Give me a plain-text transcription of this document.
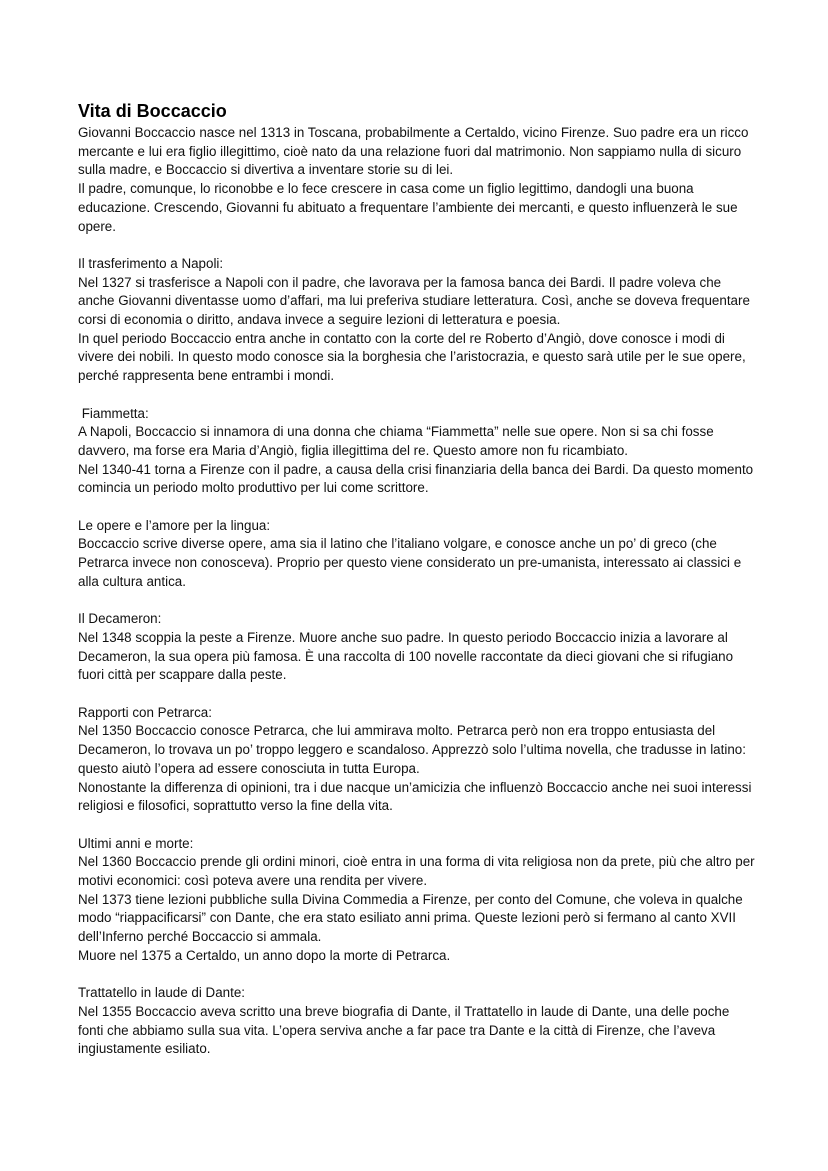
Vita di Boccaccio

Giovanni Boccaccio nasce nel 1313 in Toscana, probabilmente a Certaldo, vicino Firenze. Suo padre era un ricco mercante e lui era figlio illegittimo, cioè nato da una relazione fuori dal matrimonio. Non sappiamo nulla di sicuro sulla madre, e Boccaccio si divertiva a inventare storie su di lei.

Il padre, comunque, lo riconobbe e lo fece crescere in casa come un figlio legittimo, dandogli una buona educazione. Crescendo, Giovanni fu abituato a frequentare l’ambiente dei mercanti, e questo influenzerà le sue opere.

Il trasferimento a Napoli:

Nel 1327 si trasferisce a Napoli con il padre, che lavorava per la famosa banca dei Bardi. Il padre voleva che anche Giovanni diventasse uomo d’affari, ma lui preferiva studiare letteratura. Così, anche se doveva frequentare corsi di economia o diritto, andava invece a seguire lezioni di letteratura e poesia.

In quel periodo Boccaccio entra anche in contatto con la corte del re Roberto d’Angiò, dove conosce i modi di vivere dei nobili. In questo modo conosce sia la borghesia che l’aristocrazia, e questo sarà utile per le sue opere, perché rappresenta bene entrambi i mondi.

Fiammetta:

A Napoli, Boccaccio si innamora di una donna che chiama “Fiammetta” nelle sue opere. Non si sa chi fosse davvero, ma forse era Maria d’Angiò, figlia illegittima del re. Questo amore non fu ricambiato.

Nel 1340-41 torna a Firenze con il padre, a causa della crisi finanziaria della banca dei Bardi. Da questo momento comincia un periodo molto produttivo per lui come scrittore.

Le opere e l’amore per la lingua:

Boccaccio scrive diverse opere, ama sia il latino che l’italiano volgare, e conosce anche un po’ di greco (che Petrarca invece non conosceva). Proprio per questo viene considerato un pre-umanista, interessato ai classici e alla cultura antica.

Il Decameron:

Nel 1348 scoppia la peste a Firenze. Muore anche suo padre. In questo periodo Boccaccio inizia a lavorare al Decameron, la sua opera più famosa. È una raccolta di 100 novelle raccontate da dieci giovani che si rifugiano fuori città per scappare dalla peste.

Rapporti con Petrarca:

Nel 1350 Boccaccio conosce Petrarca, che lui ammirava molto. Petrarca però non era troppo entusiasta del Decameron, lo trovava un po’ troppo leggero e scandaloso. Apprezzò solo l’ultima novella, che tradusse in latino: questo aiutò l’opera ad essere conosciuta in tutta Europa.

Nonostante la differenza di opinioni, tra i due nacque un’amicizia che influenzò Boccaccio anche nei suoi interessi religiosi e filosofici, soprattutto verso la fine della vita.

Ultimi anni e morte:

Nel 1360 Boccaccio prende gli ordini minori, cioè entra in una forma di vita religiosa non da prete, più che altro per motivi economici: così poteva avere una rendita per vivere.

Nel 1373 tiene lezioni pubbliche sulla Divina Commedia a Firenze, per conto del Comune, che voleva in qualche modo “riappacificarsi” con Dante, che era stato esiliato anni prima. Queste lezioni però si fermano al canto XVII dell’Inferno perché Boccaccio si ammala.

Muore nel 1375 a Certaldo, un anno dopo la morte di Petrarca.

Trattatello in laude di Dante:

Nel 1355 Boccaccio aveva scritto una breve biografia di Dante, il Trattatello in laude di Dante, una delle poche fonti che abbiamo sulla sua vita. L’opera serviva anche a far pace tra Dante e la città di Firenze, che l’aveva ingiustamente esiliato.
